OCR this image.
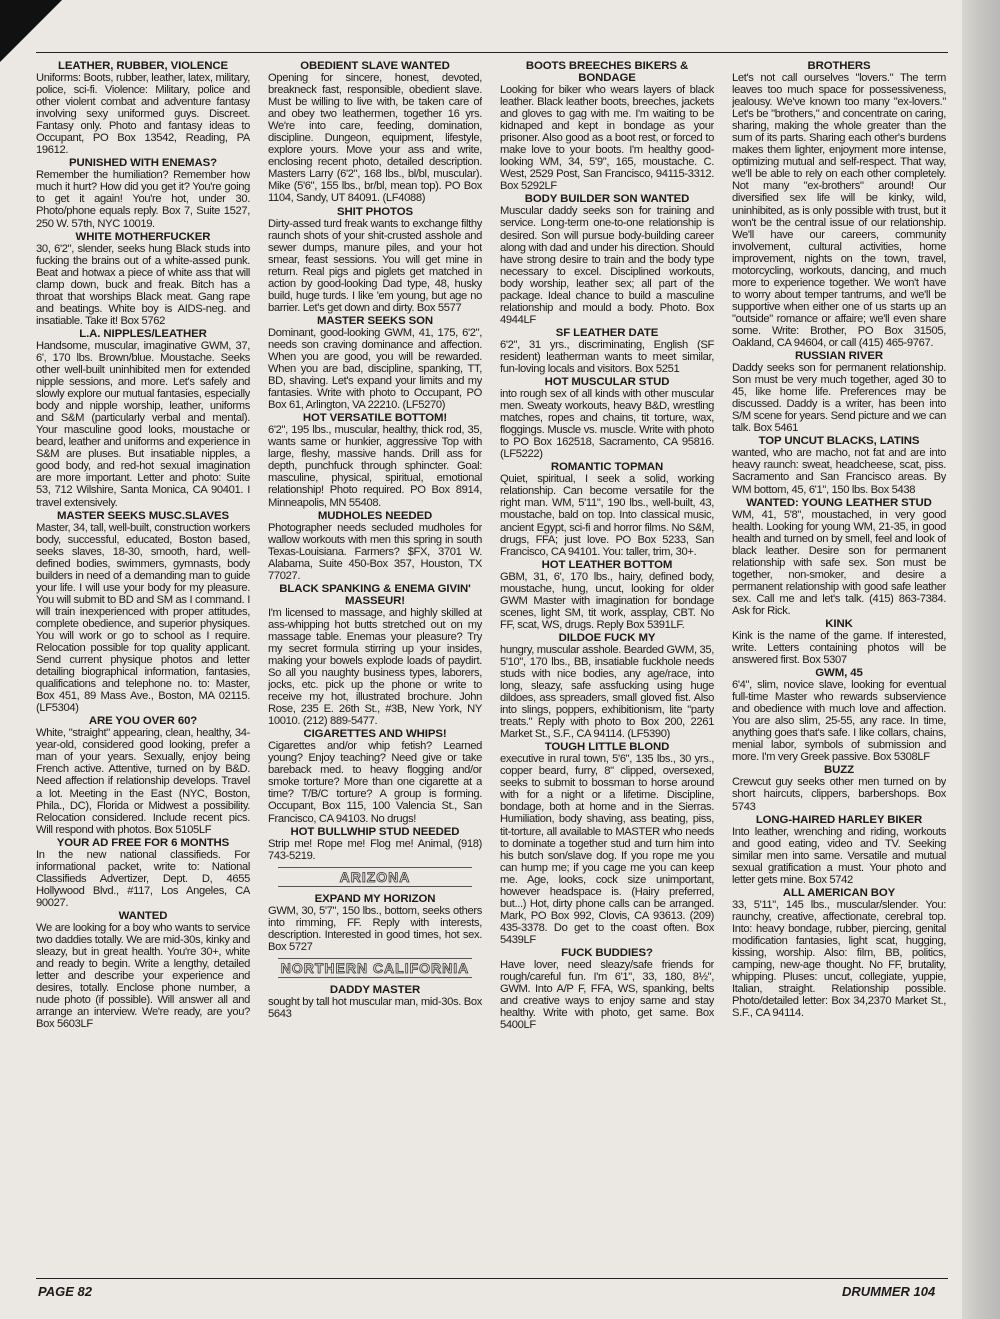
LEATHER, RUBBER, VIOLENCE
Uniforms: Boots, rubber, leather, latex, military, police, sci-fi. Violence: Military, police and other violent combat and adventure fantasy involving sexy uniformed guys. Discreet. Fantasy only. Photo and fantasy ideas to Occupant, PO Box 13542, Reading, PA 19612.
PUNISHED WITH ENEMAS?
Remember the humiliation? Remember how much it hurt? How did you get it? You're going to get it again! You're hot, under 30. Photo/phone equals reply. Box 7, Suite 1527, 250 W. 57th, NYC 10019.
WHITE MOTHERFUCKER
30, 6'2", slender, seeks hung Black studs into fucking the brains out of a white-assed punk. Beat and hotwax a piece of white ass that will clamp down, buck and freak. Bitch has a throat that worships Black meat. Gang rape and beatings. White boy is AIDS-neg. and insatiable. Take it! Box 5762
L.A. NIPPLES/LEATHER
Handsome, muscular, imaginative GWM, 37, 6', 170 lbs. Brown/blue. Moustache. Seeks other well-built uninhibited men for extended nipple sessions, and more. Let's safely and slowly explore our mutual fantasies, especially body and nipple worship, leather, uniforms and S&M (particularly verbal and mental). Your masculine good looks, moustache or beard, leather and uniforms and experience in S&M are pluses. But insatiable nipples, a good body, and red-hot sexual imagination are more important. Letter and photo: Suite 53, 712 Wilshire, Santa Monica, CA 90401. I travel extensively.
MASTER SEEKS MUSC.SLAVES
Master, 34, tall, well-built, construction workers body, successful, educated, Boston based, seeks slaves, 18-30, smooth, hard, well-defined bodies, swimmers, gymnasts, body builders in need of a demanding man to guide your life. I will use your body for my pleasure. You will submit to BD and SM as I command. I will train inexperienced with proper attitudes, complete obedience, and superior physiques. You will work or go to school as I require. Relocation possible for top quality applicant. Send current physique photos and letter detailing biographical information, fantasies, qualifications and telephone no. to: Master, Box 451, 89 Mass Ave., Boston, MA 02115. (LF5304)
ARE YOU OVER 60?
White, "straight" appearing, clean, healthy, 34-year-old, considered good looking, prefer a man of your years. Sexually, enjoy being French active. Attentive, turned on by B&D. Need affection if relationship develops. Travel a lot. Meeting in the East (NYC, Boston, Phila., DC), Florida or Midwest a possibility. Relocation considered. Include recent pics. Will respond with photos. Box 5105LF
YOUR AD FREE FOR 6 MONTHS
In the new national classifieds. For informational packet, write to: National Classifieds Advertizer, Dept. D, 4655 Hollywood Blvd., #117, Los Angeles, CA 90027.
WANTED
We are looking for a boy who wants to service two daddies totally. We are mid-30s, kinky and sleazy, but in great health. You're 30+, white and ready to begin. Write a lengthy, detailed letter and describe your experience and desires, totally. Enclose phone number, a nude photo (if possible). Will answer all and arrange an interview. We're ready, are you? Box 5603LF
OBEDIENT SLAVE WANTED
Opening for sincere, honest, devoted, breakneck fast, responsible, obedient slave. Must be willing to live with, be taken care of and obey two leathermen, together 16 yrs. We're into care, feeding, domination, discipline. Dungeon, equipment, lifestyle, explore yours. Move your ass and write, enclosing recent photo, detailed description. Masters Larry (6'2", 168 lbs., bl/bl, muscular). Mike (5'6", 155 lbs., br/bl, mean top). PO Box 1104, Sandy, UT 84091. (LF4088)
SHIT PHOTOS
Dirty-assed turd freak wants to exchange filthy raunch shots of your shit-crusted asshole and sewer dumps, manure piles, and your hot smear, feast sessions. You will get mine in return. Real pigs and piglets get matched in action by good-looking Dad type, 48, husky build, huge turds. I like 'em young, but age no barrier. Let's get down and dirty. Box 5577
MASTER SEEKS SON
Dominant, good-looking GWM, 41, 175, 6'2", needs son craving dominance and affection. When you are good, you will be rewarded. When you are bad, discipline, spanking, TT, BD, shaving. Let's expand your limits and my fantasies. Write with photo to Occupant, PO Box 61, Arlington, VA 22210. (LF5270)
HOT VERSATILE BOTTOM!
6'2", 195 lbs., muscular, healthy, thick rod, 35, wants same or hunkier, aggressive Top with large, fleshy, massive hands. Drill ass for depth, punchfuck through sphincter. Goal: masculine, physical, spiritual, emotional relationship! Photo required. PO Box 8914, Minneapolis, MN 55408.
MUDHOLES NEEDED
Photographer needs secluded mudholes for wallow workouts with men this spring in south Texas-Louisiana. Farmers? $FX, 3701 W. Alabama, Suite 450-Box 357, Houston, TX 77027.
BLACK SPANKING & ENEMA GIVIN' MASSEUR!
I'm licensed to massage, and highly skilled at ass-whipping hot butts stretched out on my massage table. Enemas your pleasure? Try my secret formula stirring up your insides, making your bowels explode loads of paydirt. So all you naughty business types, laborers, jocks, etc. pick up the phone or write to receive my hot, illustrated brochure. John Rose, 235 E. 26th St., #3B, New York, NY 10010. (212) 889-5477.
CIGARETTES AND WHIPS!
Cigarettes and/or whip fetish? Learned young? Enjoy teaching? Need give or take bareback med. to heavy flogging and/or smoke torture? More than one cigarette at a time? T/B/C torture? A group is forming. Occupant, Box 115, 100 Valencia St., San Francisco, CA 94103. No drugs!
HOT BULLWHIP STUD NEEDED
Strip me! Rope me! Flog me! Animal, (918) 743-5219.
ARIZONA
EXPAND MY HORIZON
GWM, 30, 5'7", 150 lbs., bottom, seeks others into rimming, FF. Reply with interests, description. Interested in good times, hot sex. Box 5727
NORTHERN CALIFORNIA
DADDY MASTER
sought by tall hot muscular man, mid-30s. Box 5643
BOOTS BREECHES BIKERS & BONDAGE
Looking for biker who wears layers of black leather. Black leather boots, breeches, jackets and gloves to gag with me. I'm waiting to be kidnaped and kept in bondage as your prisoner. Also good as a boot rest, or forced to make love to your boots. I'm healthy good-looking WM, 34, 5'9", 165, moustache. C. West, 2529 Post, San Francisco, 94115-3312. Box 5292LF
BODY BUILDER SON WANTED
Muscular daddy seeks son for training and service. Long-term one-to-one relationship is desired. Son will pursue body-building career along with dad and under his direction. Should have strong desire to train and the body type necessary to excel. Disciplined workouts, body worship, leather sex; all part of the package. Ideal chance to build a masculine relationship and mould a body. Photo. Box 4944LF
SF LEATHER DATE
6'2", 31 yrs., discriminating, English (SF resident) leatherman wants to meet similar, fun-loving locals and visitors. Box 5251
HOT MUSCULAR STUD
into rough sex of all kinds with other muscular men. Sweaty workouts, heavy B&D, wrestling matches, ropes and chains, tit torture, wax, floggings. Muscle vs. muscle. Write with photo to PO Box 162518, Sacramento, CA 95816. (LF5222)
ROMANTIC TOPMAN
Quiet, spiritual, I seek a solid, working relationship. Can become versatile for the right man. WM, 5'11", 190 lbs., well-built, 43, moustache, bald on top. Into classical music, ancient Egypt, sci-fi and horror films. No S&M, drugs, FFA; just love. PO Box 5233, San Francisco, CA 94101. You: taller, trim, 30+.
HOT LEATHER BOTTOM
GBM, 31, 6', 170 lbs., hairy, defined body, moustache, hung, uncut, looking for older GWM Master with imagination for bondage scenes, light SM, tit work, assplay, CBT. No FF, scat, WS, drugs. Reply Box 5391LF.
DILDOE FUCK MY
hungry, muscular asshole. Bearded GWM, 35, 5'10", 170 lbs., BB, insatiable fuckhole needs studs with nice bodies, any age/race, into long, sleazy, safe assfucking using huge dildoes, ass spreaders, small gloved fist. Also into slings, poppers, exhibitionism, lite "party treats." Reply with photo to Box 200, 2261 Market St., S.F., CA 94114. (LF5390)
TOUGH LITTLE BLOND
executive in rural town, 5'6", 135 lbs., 30 yrs., copper beard, furry, 8" clipped, oversexed, seeks to submit to bossman to horse around with for a night or a lifetime. Discipline, bondage, both at home and in the Sierras. Humiliation, body shaving, ass beating, piss, tit-torture, all available to MASTER who needs to dominate a together stud and turn him into his butch son/slave dog. If you rope me you can hump me; if you cage me you can keep me. Age, looks, cock size unimportant, however headspace is. (Hairy preferred, but...) Hot, dirty phone calls can be arranged. Mark, PO Box 992, Clovis, CA 93613. (209) 435-3378. Do get to the coast often. Box 5439LF
FUCK BUDDIES?
Have lover, need sleazy/safe friends for rough/careful fun. I'm 6'1", 33, 180, 8½", GWM. Into A/P F, FFA, WS, spanking, belts and creative ways to enjoy same and stay healthy. Write with photo, get same. Box 5400LF
BROTHERS
Let's not call ourselves "lovers." The term leaves too much space for possessiveness, jealousy. We've known too many "ex-lovers." Let's be "brothers," and concentrate on caring, sharing, making the whole greater than the sum of its parts. Sharing each other's burdens makes them lighter, enjoyment more intense, optimizing mutual and self-respect. That way, we'll be able to rely on each other completely. Not many "ex-brothers" around! Our diversified sex life will be kinky, wild, uninhibited, as is only possible with trust, but it won't be the central issue of our relationship. We'll have our careers, community involvement, cultural activities, home improvement, nights on the town, travel, motorcycling, workouts, dancing, and much more to experience together. We won't have to worry about temper tantrums, and we'll be supportive when either one of us starts up an "outside" romance or affaire; we'll even share some. Write: Brother, PO Box 31505, Oakland, CA 94604, or call (415) 465-9767.
RUSSIAN RIVER
Daddy seeks son for permanent relationship. Son must be very much together, aged 30 to 45, like home life. Preferences may be discussed. Daddy is a writer, has been into S/M scene for years. Send picture and we can talk. Box 5461
TOP UNCUT BLACKS, LATINS
wanted, who are macho, not fat and are into heavy raunch: sweat, headcheese, scat, piss. Sacramento and San Francisco areas. By WM bottom, 45, 6'1", 150 lbs. Box 5438
WANTED: YOUNG LEATHER STUD
WM, 41, 5'8", moustached, in very good health. Looking for young WM, 21-35, in good health and turned on by smell, feel and look of black leather. Desire son for permanent relationship with safe sex. Son must be together, non-smoker, and desire a permanent relationship with good safe leather sex. Call me and let's talk. (415) 863-7384. Ask for Rick.
KINK
Kink is the name of the game. If interested, write. Letters containing photos will be answered first. Box 5307
GWM, 45
6'4", slim, novice slave, looking for eventual full-time Master who rewards subservience and obedience with much love and affection. You are also slim, 25-55, any race. In time, anything goes that's safe. I like collars, chains, menial labor, symbols of submission and more. I'm very Greek passive. Box 5308LF
BUZZ
Crewcut guy seeks other men turned on by short haircuts, clippers, barbershops. Box 5743
LONG-HAIRED HARLEY BIKER
Into leather, wrenching and riding, workouts and good eating, video and TV. Seeking similar men into same. Versatile and mutual sexual gratification a must. Your photo and letter gets mine. Box 5742
ALL AMERICAN BOY
33, 5'11", 145 lbs., muscular/slender. You: raunchy, creative, affectionate, cerebral top. Into: heavy bondage, rubber, piercing, genital modification fantasies, light scat, hugging, kissing, worship. Also: film, BB, politics, camping, new-age thought. No FF, brutality, whipping. Pluses: uncut, collegiate, yuppie, Italian, straight. Relationship possible. Photo/detailed letter: Box 34,2370 Market St., S.F., CA 94114.
PAGE 82	DRUMMER 104
